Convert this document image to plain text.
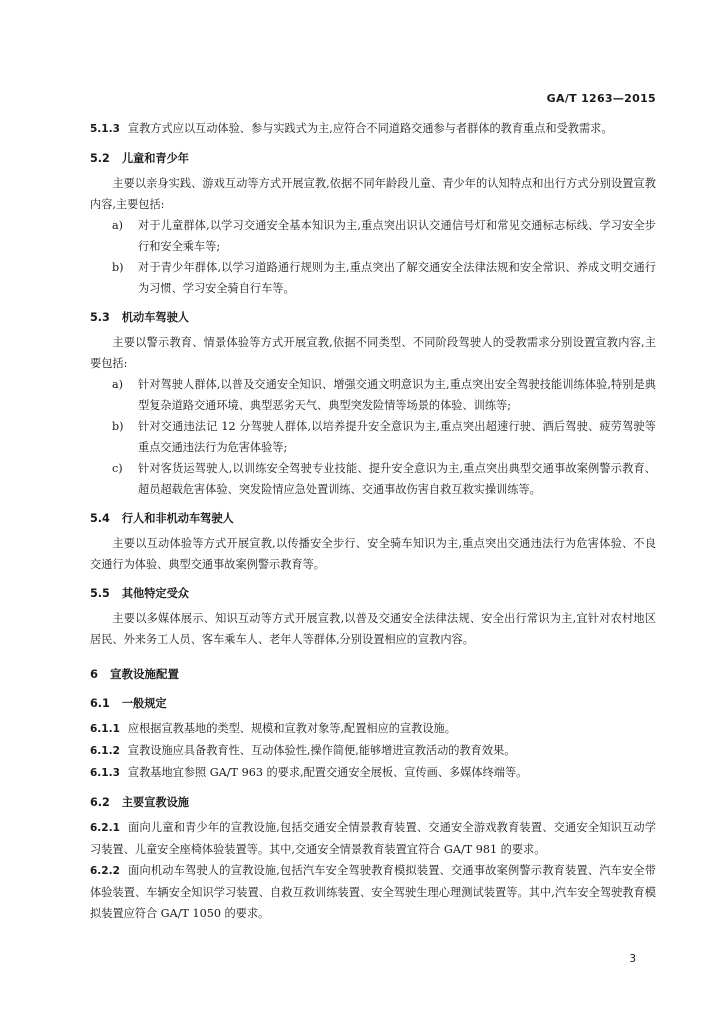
GA/T 1263—2015

5.1.3 宣教方式应以互动体验、参与实践式为主,应符合不同道路交通参与者群体的教育重点和受教需求。

5.2 儿童和青少年

主要以亲身实践、游戏互动等方式开展宣教,依据不同年龄段儿童、青少年的认知特点和出行方式分别设置宣教内容,主要包括:

a)	对于儿童群体,以学习交通安全基本知识为主,重点突出识认交通信号灯和常见交通标志标线、学习安全步行和安全乘车等;
b)	对于青少年群体,以学习道路通行规则为主,重点突出了解交通安全法律法规和安全常识、养成文明交通行为习惯、学习安全骑自行车等。
5.3 机动车驾驶人

主要以警示教育、情景体验等方式开展宣教,依据不同类型、不同阶段驾驶人的受教需求分别设置宣教内容,主要包括:

a)	针对驾驶人群体,以普及交通安全知识、增强交通文明意识为主,重点突出安全驾驶技能训练体验,特别是典型复杂道路交通环境、典型恶劣天气、典型突发险情等场景的体验、训练等;
b)	针对交通违法记 12 分驾驶人群体,以培养提升安全意识为主,重点突出超速行驶、酒后驾驶、疲劳驾驶等重点交通违法行为危害体验等;
c)	针对客货运驾驶人,以训练安全驾驶专业技能、提升安全意识为主,重点突出典型交通事故案例警示教育、超员超载危害体验、突发险情应急处置训练、交通事故伤害自救互救实操训练等。
5.4 行人和非机动车驾驶人

主要以互动体验等方式开展宣教,以传播安全步行、安全骑车知识为主,重点突出交通违法行为危害体验、不良交通行为体验、典型交通事故案例警示教育等。

5.5 其他特定受众

主要以多媒体展示、知识互动等方式开展宣教,以普及交通安全法律法规、安全出行常识为主,宜针对农村地区居民、外来务工人员、客车乘车人、老年人等群体,分别设置相应的宣教内容。

6 宣教设施配置
6.1 一般规定

6.1.1 应根据宣教基地的类型、规模和宣教对象等,配置相应的宣教设施。

6.1.2 宣教设施应具备教育性、互动体验性,操作简便,能够增进宣教活动的教育效果。

6.1.3 宣教基地宜参照 GA/T 963 的要求,配置交通安全展板、宣传画、多媒体终端等。

6.2 主要宣教设施

6.2.1 面向儿童和青少年的宣教设施,包括交通安全情景教育装置、交通安全游戏教育装置、交通安全知识互动学习装置、儿童安全座椅体验装置等。其中,交通安全情景教育装置宜符合 GA/T 981 的要求。

6.2.2 面向机动车驾驶人的宣教设施,包括汽车安全驾驶教育模拟装置、交通事故案例警示教育装置、汽车安全带体验装置、车辆安全知识学习装置、自救互救训练装置、安全驾驶生理心理测试装置等。其中,汽车安全驾驶教育模拟装置应符合 GA/T 1050 的要求。

3
